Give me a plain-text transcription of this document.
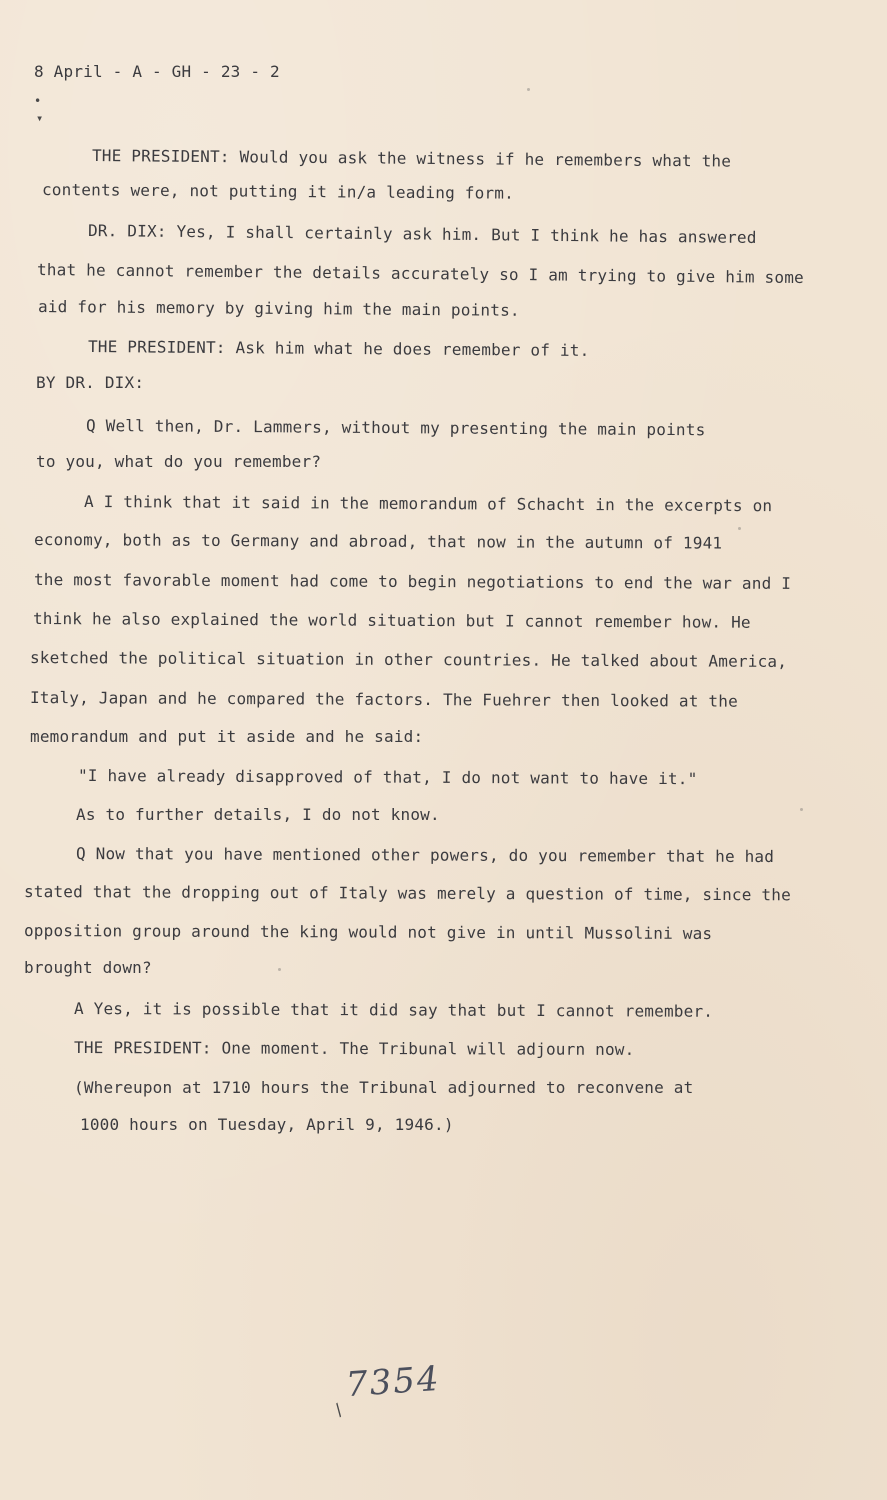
•
▾
8 April - A - GH - 23 - 2
THE PRESIDENT: Would you ask the witness if he remembers what the
contents were, not putting it in/a leading form.
DR. DIX: Yes, I shall certainly ask him. But I think he has answered
that he cannot remember the details accurately so I am trying to give him some
aid for his memory by giving him the main points.
THE PRESIDENT: Ask him what he does remember of it.
BY DR. DIX:
Q Well then, Dr. Lammers, without my presenting the main points
to you, what do you remember?
A I think that it said in the memorandum of Schacht in the excerpts on
economy, both as to Germany and abroad, that now in the autumn of 1941
the most favorable moment had come to begin negotiations to end the war and I
think he also explained the world situation but I cannot remember how. He
sketched the political situation in other countries. He talked about America,
Italy, Japan and he compared the factors. The Fuehrer then looked at the
memorandum and put it aside and he said:
"I have already disapproved of that, I do not want to have it."
As to further details, I do not know.
Q Now that you have mentioned other powers, do you remember that he had
stated that the dropping out of Italy was merely a question of time, since the
opposition group around the king would not give in until Mussolini was
brought down?
A Yes, it is possible that it did say that but I cannot remember.
THE PRESIDENT: One moment. The Tribunal will adjourn now.
(Whereupon at 1710 hours the Tribunal adjourned to reconvene at
1000 hours on Tuesday, April 9, 1946.)
7354
/
